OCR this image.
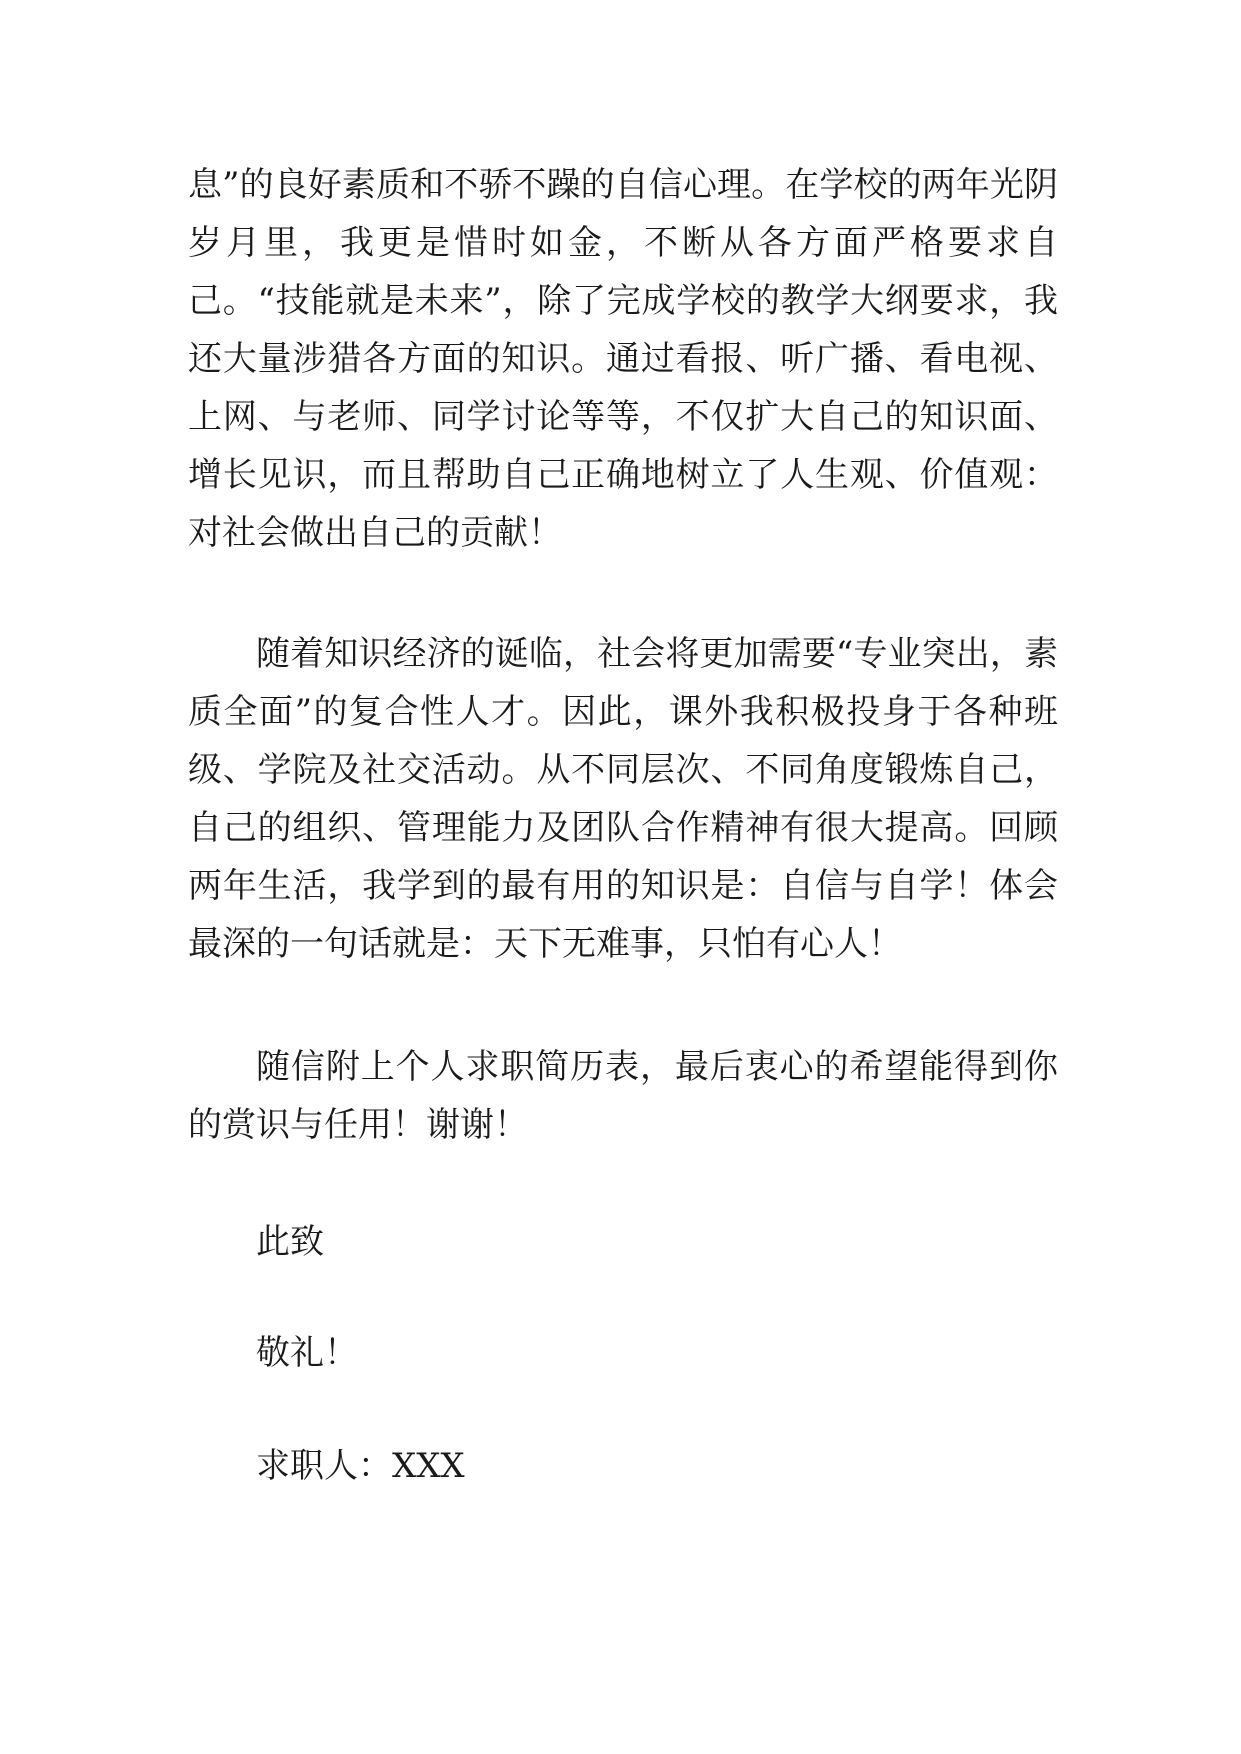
息”的良好素质和不骄不躁的自信心理。在学校的两年光阴岁月里，我更是惜时如金，不断从各方面严格要求自己。“技能就是未来”，除了完成学校的教学大纲要求，我还大量涉猎各方面的知识。通过看报、听广播、看电视、上网、与老师、同学讨论等等，不仅扩大自己的知识面、增长见识，而且帮助自己正确地树立了人生观、价值观：对社会做出自己的贡献！
随着知识经济的诞临，社会将更加需要“专业突出，素质全面”的复合性人才。因此，课外我积极投身于各种班级、学院及社交活动。从不同层次、不同角度锻炼自己，自己的组织、管理能力及团队合作精神有很大提高。回顾两年生活，我学到的最有用的知识是：自信与自学！体会最深的一句话就是：天下无难事，只怕有心人！
随信附上个人求职简历表，最后衷心的希望能得到你的赏识与任用！谢谢！
此致
敬礼！
求职人：XXX
